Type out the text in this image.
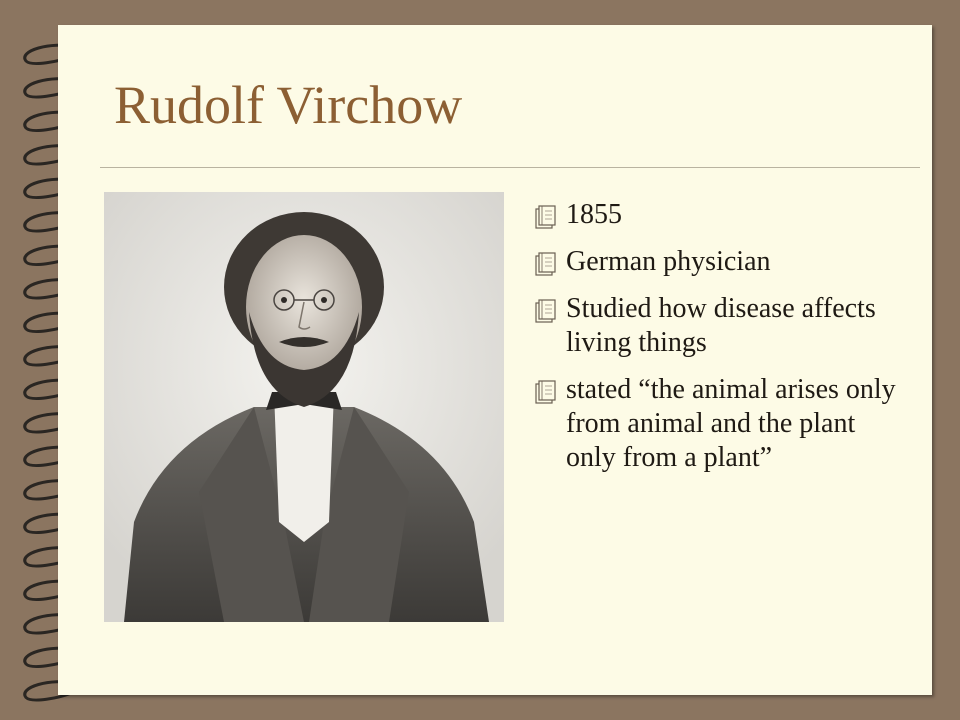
Rudolf Virchow
1855
German physician
Studied how disease affects living things
stated “the animal arises only from animal and the plant only from a plant”
